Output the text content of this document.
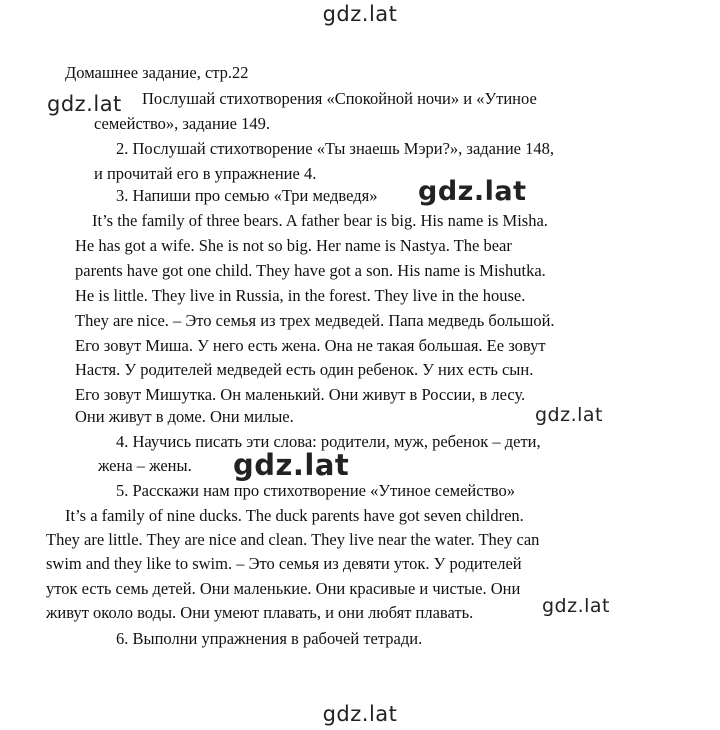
gdz.lat
gdz.lat
gdz.lat
gdz.lat
gdz.lat
gdz.lat
gdz.lat
Домашнее задание, стр.22
Послушай стихотворения «Спокойной ночи» и «Утиное
семейство», задание 149.
2. Послушай стихотворение «Ты знаешь Мэри?», задание 148,
и прочитай его в упражнение 4.
3. Напиши про семью «Три медведя»
It’s the family of three bears. A father bear is big. His name is Misha.
He has got a wife. She is not so big. Her name is Nastya. The bear
parents have got one child. They have got a son. His name is Mishutka.
He is little. They live in Russia, in the forest. They live in the house.
They are nice. – Это семья из трех медведей. Папа медведь большой.
Его зовут Миша. У него есть жена. Она не такая большая. Ее зовут
Настя. У родителей медведей есть один ребенок. У них есть сын.
Его зовут Мишутка. Он маленький. Они живут в России, в лесу.
Они живут в доме. Они милые.
4. Научись писать эти слова: родители, муж, ребенок – дети,
жена – жены.
5. Расскажи нам про стихотворение «Утиное семейство»
It’s a family of nine ducks. The duck parents have got seven children.
They are little. They are nice and clean. They live near the water. They can
swim and they like to swim. – Это семья из девяти уток. У родителей
уток есть семь детей. Они маленькие. Они красивые и чистые. Они
живут около воды. Они умеют плавать, и они любят плавать.
6. Выполни упражнения в рабочей тетради.
